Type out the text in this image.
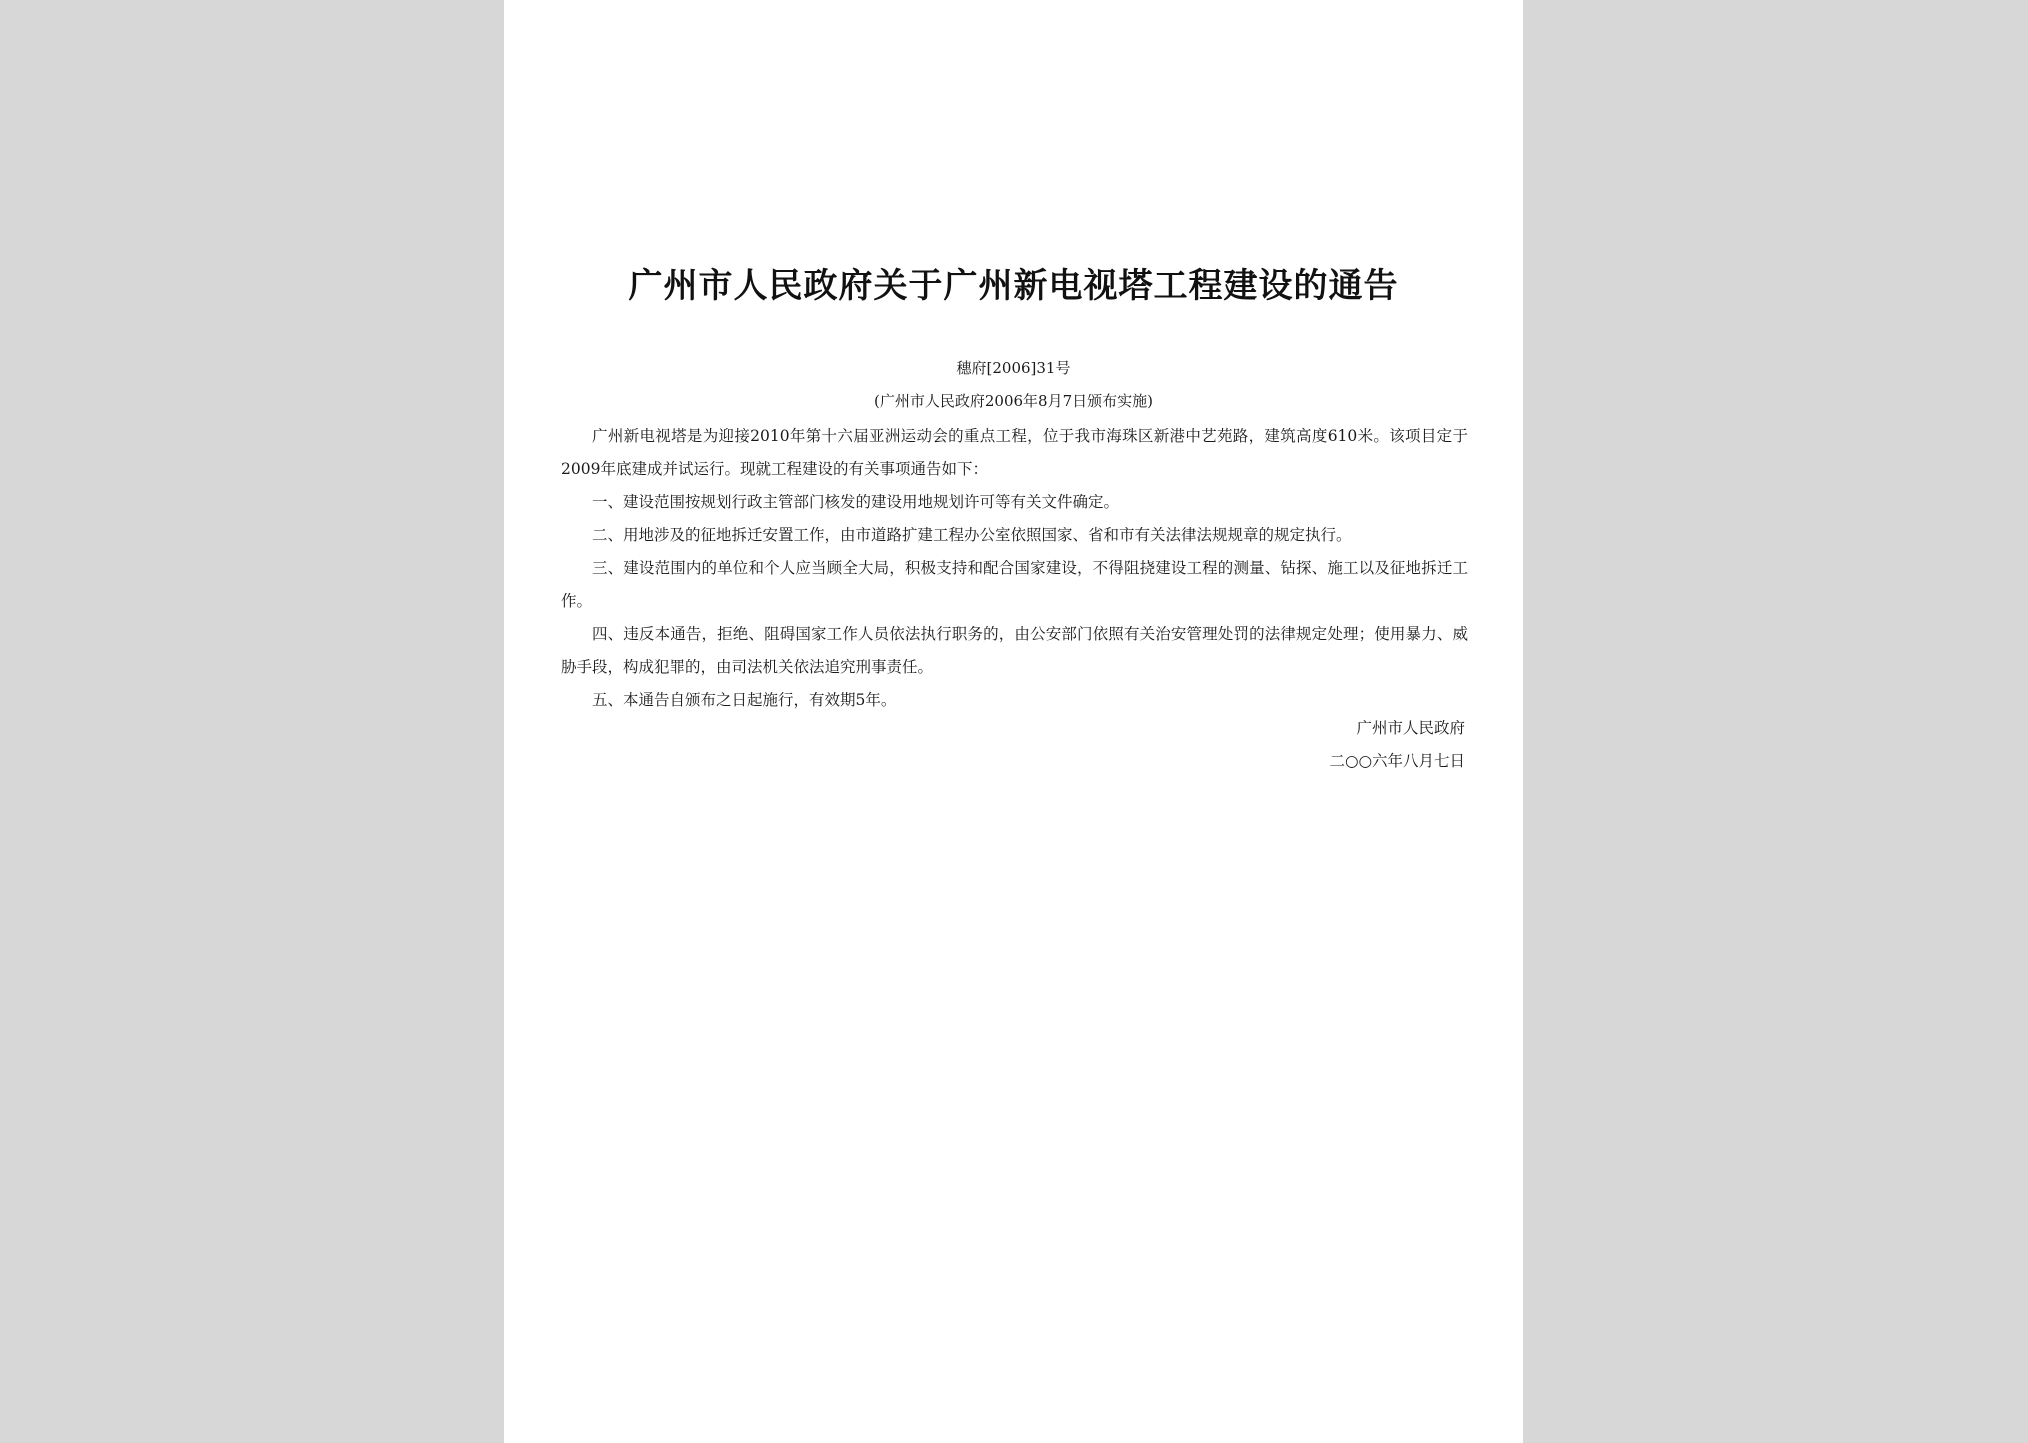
广州市人民政府关于广州新电视塔工程建设的通告
穗府[2006]31号
(广州市人民政府2006年8月7日颁布实施)

广州新电视塔是为迎接2010年第十六届亚洲运动会的重点工程，位于我市海珠区新港中艺苑路，建筑高度610米。该项目定于2009年底建成并试运行。现就工程建设的有关事项通告如下：

一、建设范围按规划行政主管部门核发的建设用地规划许可等有关文件确定。

二、用地涉及的征地拆迁安置工作，由市道路扩建工程办公室依照国家、省和市有关法律法规规章的规定执行。

三、建设范围内的单位和个人应当顾全大局，积极支持和配合国家建设，不得阻挠建设工程的测量、钻探、施工以及征地拆迁工作。

四、违反本通告，拒绝、阻碍国家工作人员依法执行职务的，由公安部门依照有关治安管理处罚的法律规定处理；使用暴力、威胁手段，构成犯罪的，由司法机关依法追究刑事责任。

五、本通告自颁布之日起施行，有效期5年。

广州市人民政府
二○○六年八月七日
